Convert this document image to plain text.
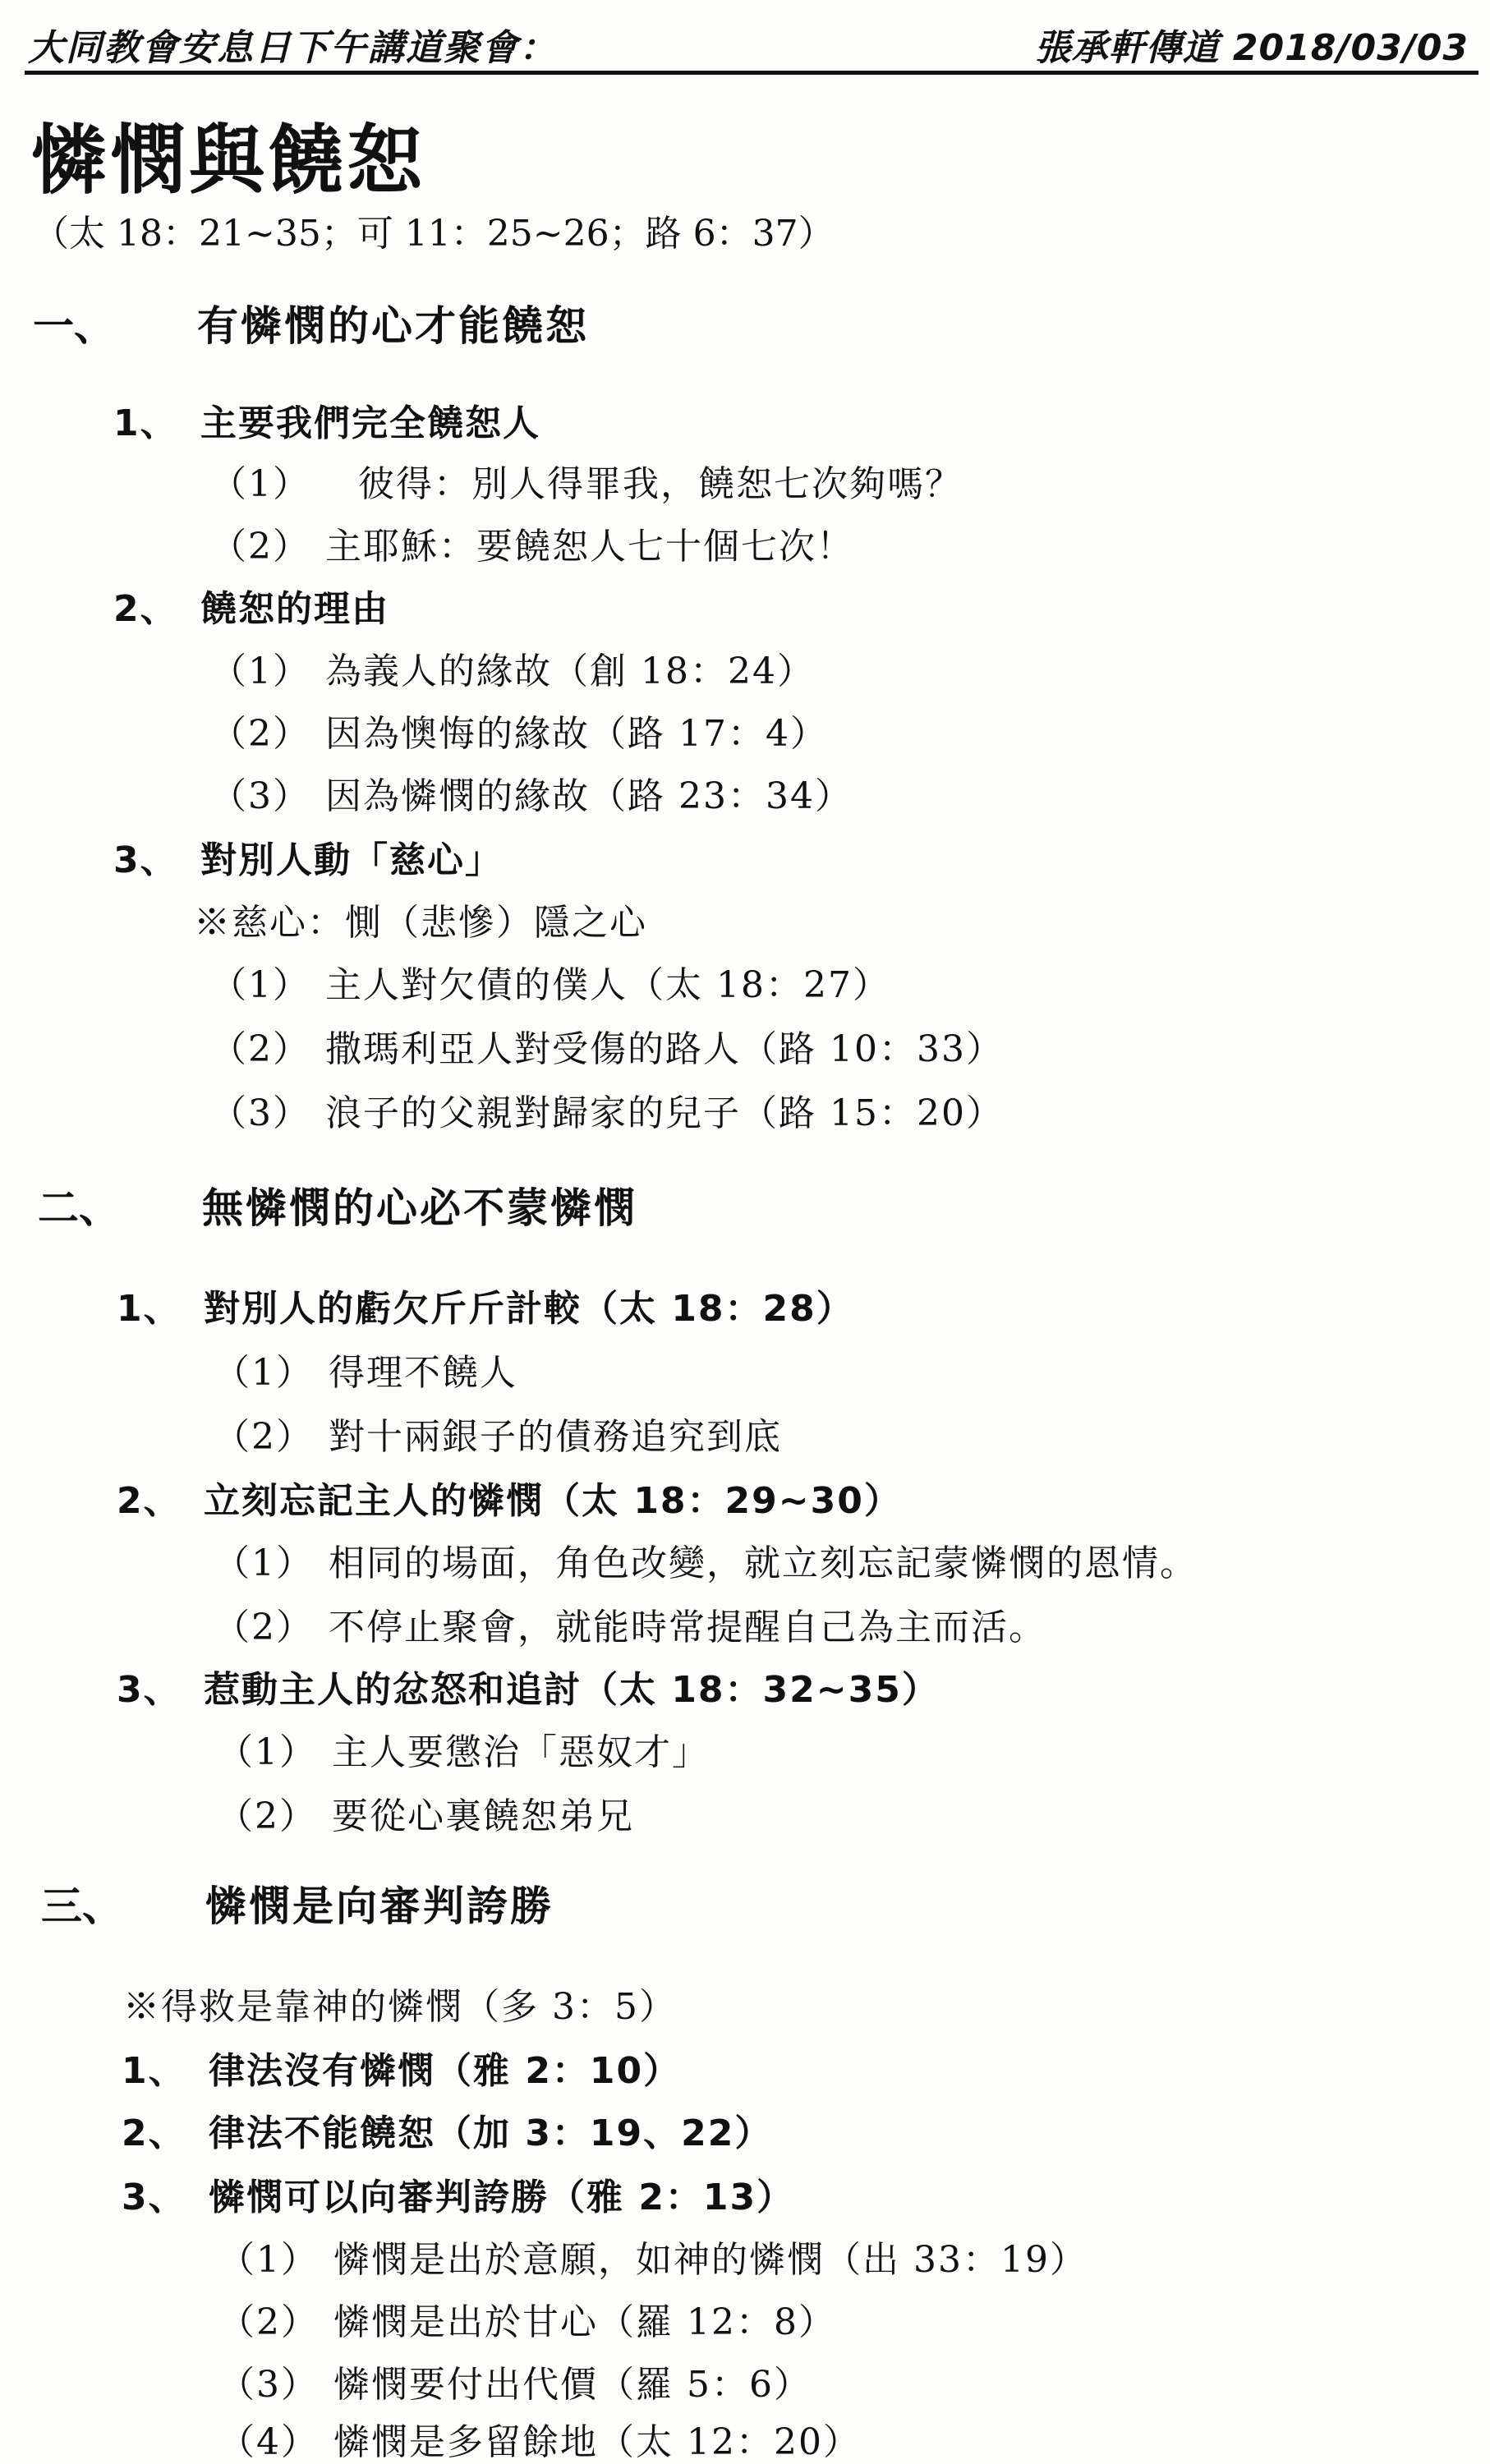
大同教會安息日下午講道聚會：	張承軒傳道 2018/03/03
憐憫與饒恕
（太 18：21~35；可 11：25~26；路 6：37）
一、 有憐憫的心才能饒恕
1、 主要我們完全饒恕人
（1） 彼得：別人得罪我，饒恕七次夠嗎？
（2） 主耶穌：要饒恕人七十個七次！
2、 饒恕的理由
（1） 為義人的緣故（創 18：24）
（2） 因為懊悔的緣故（路 17：4）
（3） 因為憐憫的緣故（路 23：34）
3、 對別人動「慈心」
※慈心：惻（悲慘）隱之心
（1） 主人對欠債的僕人（太 18：27）
（2） 撒瑪利亞人對受傷的路人（路 10：33）
（3） 浪子的父親對歸家的兒子（路 15：20）
二、 無憐憫的心必不蒙憐憫
1、 對別人的虧欠斤斤計較（太 18：28）
（1） 得理不饒人
（2） 對十兩銀子的債務追究到底
2、 立刻忘記主人的憐憫（太 18：29~30）
（1） 相同的場面，角色改變，就立刻忘記蒙憐憫的恩情。
（2） 不停止聚會，就能時常提醒自己為主而活。
3、 惹動主人的忿怒和追討（太 18：32~35）
（1） 主人要懲治「惡奴才」
（2） 要從心裏饒恕弟兄
三、 憐憫是向審判誇勝
※得救是靠神的憐憫（多 3：5）
1、 律法沒有憐憫（雅 2：10）
2、 律法不能饒恕（加 3：19、22）
3、 憐憫可以向審判誇勝（雅 2：13）
（1） 憐憫是出於意願，如神的憐憫（出 33：19）
（2） 憐憫是出於甘心（羅 12：8）
（3） 憐憫要付出代價（羅 5：6）
（4） 憐憫是多留餘地（太 12：20）
